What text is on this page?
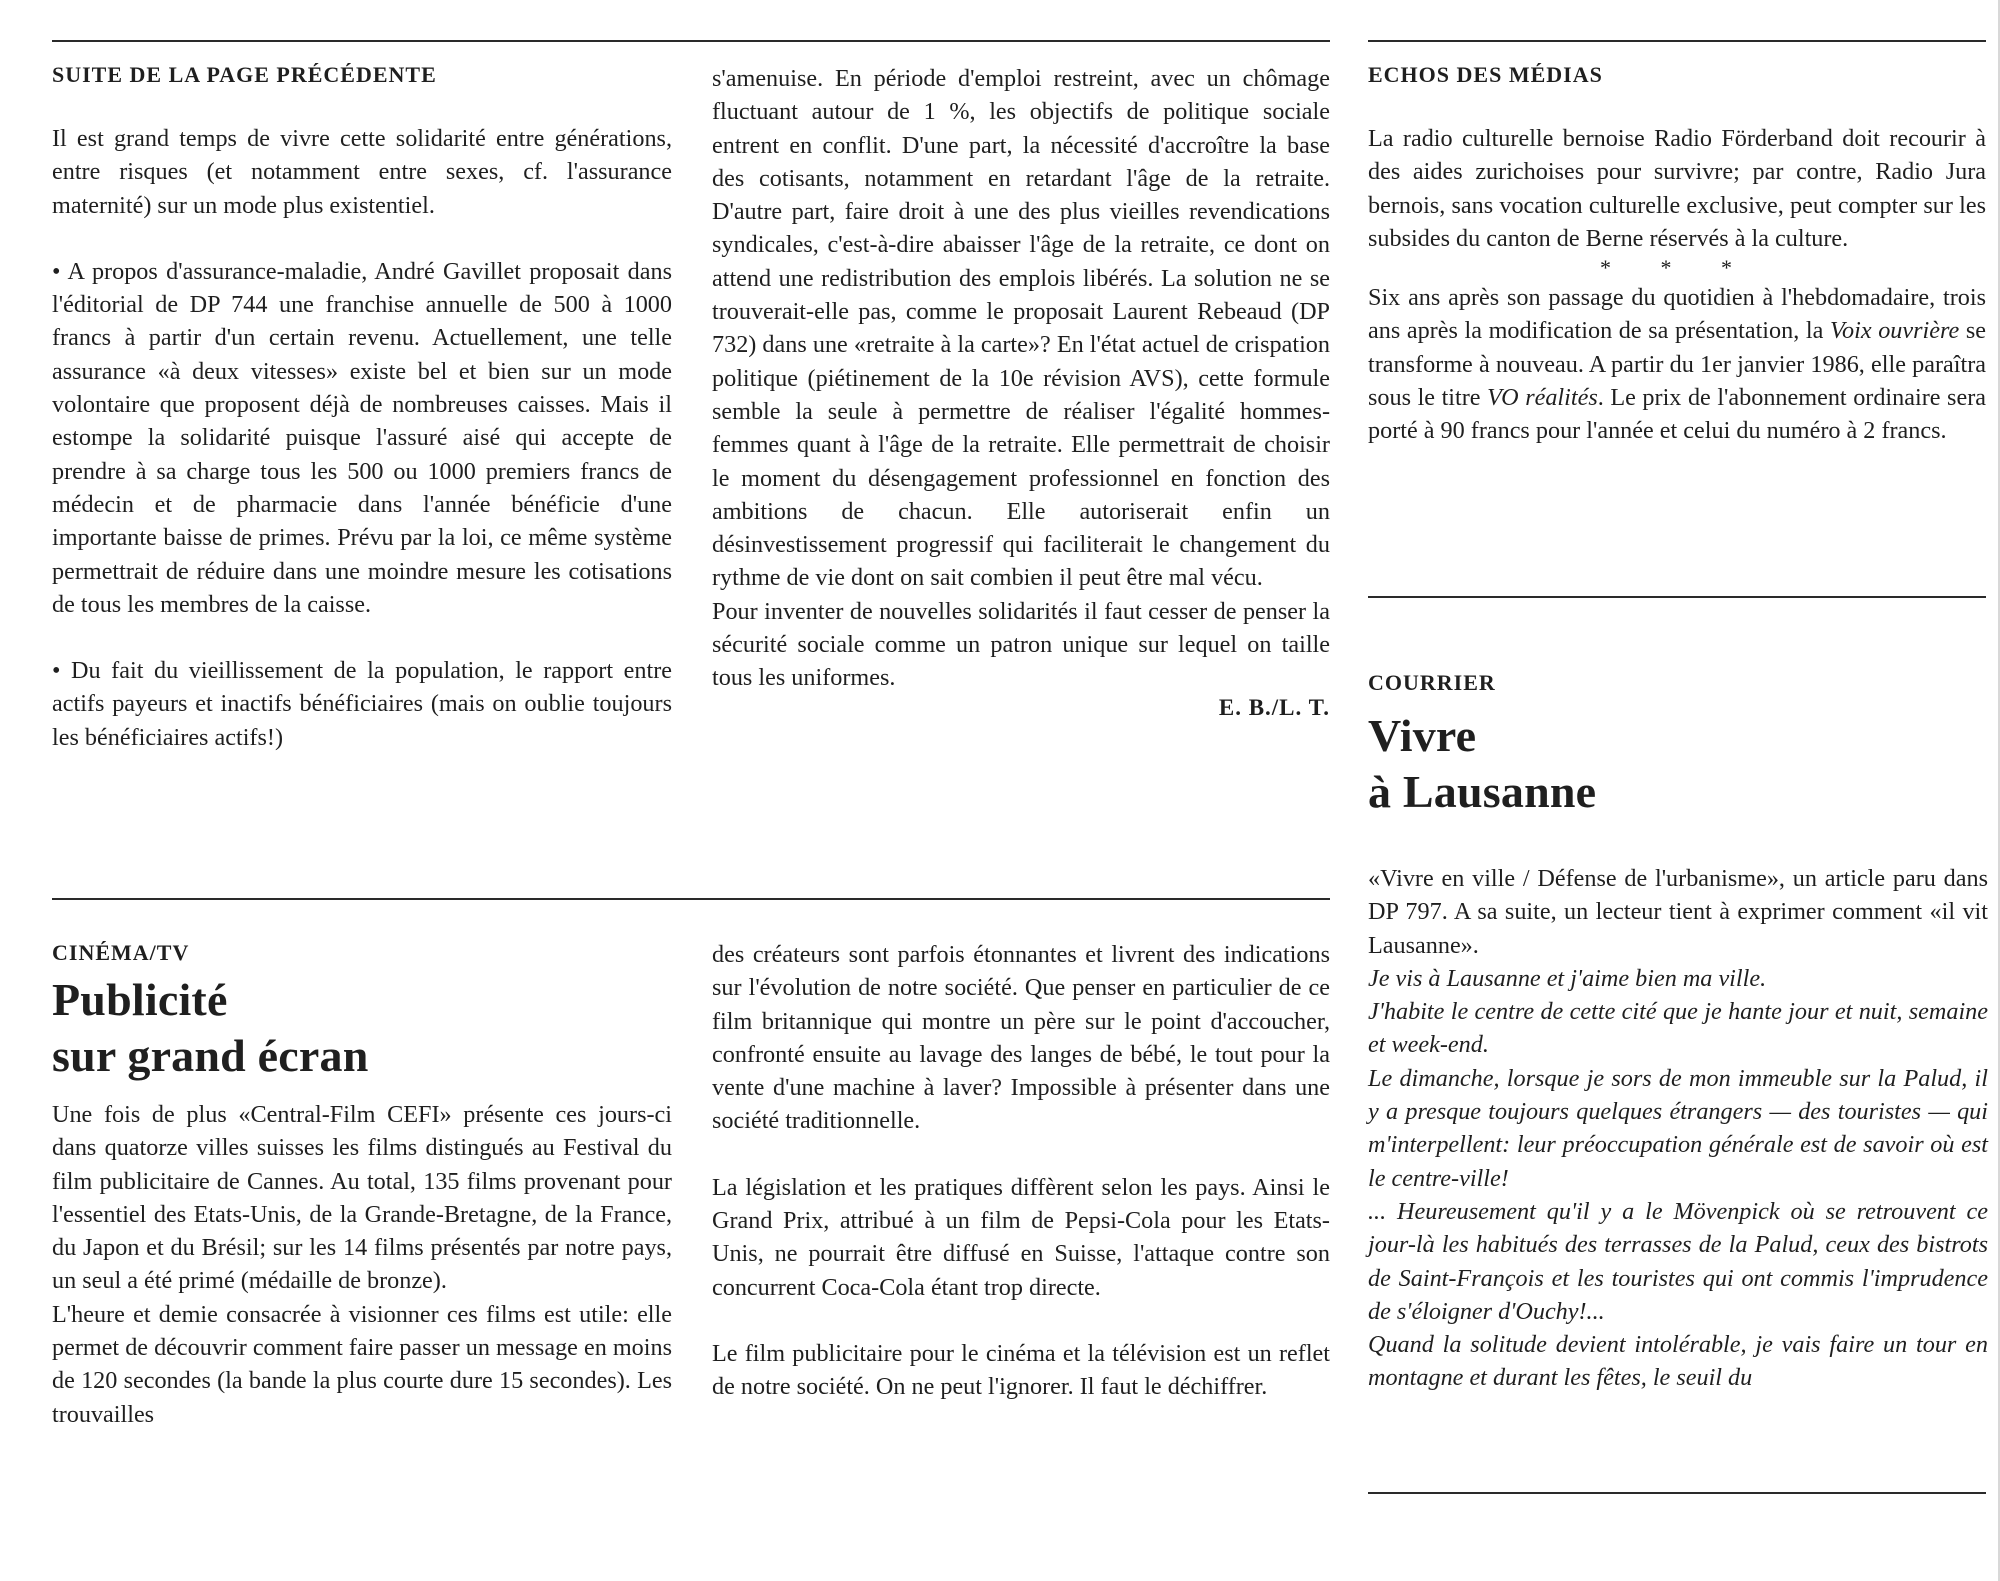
SUITE DE LA PAGE PRÉCÉDENTE

Il est grand temps de vivre cette solidarité entre générations, entre risques (et notamment entre sexes, cf. l'assurance maternité) sur un mode plus existentiel.

• A propos d'assurance-maladie, André Gavillet proposait dans l'éditorial de DP 744 une franchise annuelle de 500 à 1000 francs à partir d'un certain revenu. Actuellement, une telle assurance «à deux vitesses» existe bel et bien sur un mode volontaire que proposent déjà de nombreuses caisses. Mais il estompe la solidarité puisque l'assuré aisé qui accepte de prendre à sa charge tous les 500 ou 1000 premiers francs de médecin et de pharmacie dans l'année bénéficie d'une importante baisse de primes. Prévu par la loi, ce même système permettrait de réduire dans une moindre mesure les cotisations de tous les membres de la caisse.

• Du fait du vieillissement de la population, le rapport entre actifs payeurs et inactifs bénéficiaires (mais on oublie toujours les bénéficiaires actifs!)

s'amenuise. En période d'emploi restreint, avec un chômage fluctuant autour de 1 %, les objectifs de politique sociale entrent en conflit. D'une part, la nécessité d'accroître la base des cotisants, notamment en retardant l'âge de la retraite. D'autre part, faire droit à une des plus vieilles revendications syndicales, c'est-à-dire abaisser l'âge de la retraite, ce dont on attend une redistribution des emplois libérés. La solution ne se trouverait-elle pas, comme le proposait Laurent Rebeaud (DP 732) dans une «retraite à la carte»? En l'état actuel de crispation politique (piétinement de la 10e révision AVS), cette formule semble la seule à permettre de réaliser l'égalité hommes-femmes quant à l'âge de la retraite. Elle permettrait de choisir le moment du désengagement professionnel en fonction des ambitions de chacun. Elle autoriserait enfin un désinvestissement progressif qui faciliterait le changement du rythme de vie dont on sait combien il peut être mal vécu.

Pour inventer de nouvelles solidarités il faut cesser de penser la sécurité sociale comme un patron unique sur lequel on taille tous les uniformes.

E. B./L. T.
ECHOS DES MÉDIAS

La radio culturelle bernoise Radio Förderband doit recourir à des aides zurichoises pour survivre; par contre, Radio Jura bernois, sans vocation culturelle exclusive, peut compter sur les subsides du canton de Berne réservés à la culture.

* * *
Six ans après son passage du quotidien à l'hebdomadaire, trois ans après la modification de sa présentation, la Voix ouvrière se transforme à nouveau. A partir du 1er janvier 1986, elle paraîtra sous le titre VO réalités. Le prix de l'abonnement ordinaire sera porté à 90 francs pour l'année et celui du numéro à 2 francs.
COURRIER
Vivre
à Lausanne

«Vivre en ville / Défense de l'urbanisme», un article paru dans DP 797. A sa suite, un lecteur tient à exprimer comment «il vit Lausanne».

Je vis à Lausanne et j'aime bien ma ville.

J'habite le centre de cette cité que je hante jour et nuit, semaine et week-end.

Le dimanche, lorsque je sors de mon immeuble sur la Palud, il y a presque toujours quelques étrangers — des touristes — qui m'interpellent: leur préoccupation générale est de savoir où est le centre-ville!

... Heureusement qu'il y a le Mövenpick où se retrouvent ce jour-là les habitués des terrasses de la Palud, ceux des bistrots de Saint-François et les touristes qui ont commis l'imprudence de s'éloigner d'Ouchy!...

Quand la solitude devient intolérable, je vais faire un tour en montagne et durant les fêtes, le seuil du

CINÉMA/TV
Publicité
sur grand écran

Une fois de plus «Central-Film CEFI» présente ces jours-ci dans quatorze villes suisses les films distingués au Festival du film publicitaire de Cannes. Au total, 135 films provenant pour l'essentiel des Etats-Unis, de la Grande-Bretagne, de la France, du Japon et du Brésil; sur les 14 films présentés par notre pays, un seul a été primé (médaille de bronze).

L'heure et demie consacrée à visionner ces films est utile: elle permet de découvrir comment faire passer un message en moins de 120 secondes (la bande la plus courte dure 15 secondes). Les trouvailles

des créateurs sont parfois étonnantes et livrent des indications sur l'évolution de notre société. Que penser en particulier de ce film britannique qui montre un père sur le point d'accoucher, confronté ensuite au lavage des langes de bébé, le tout pour la vente d'une machine à laver? Impossible à présenter dans une société traditionnelle.

La législation et les pratiques diffèrent selon les pays. Ainsi le Grand Prix, attribué à un film de Pepsi-Cola pour les Etats-Unis, ne pourrait être diffusé en Suisse, l'attaque contre son concurrent Coca-Cola étant trop directe.

Le film publicitaire pour le cinéma et la télévision est un reflet de notre société. On ne peut l'ignorer. Il faut le déchiffrer.
